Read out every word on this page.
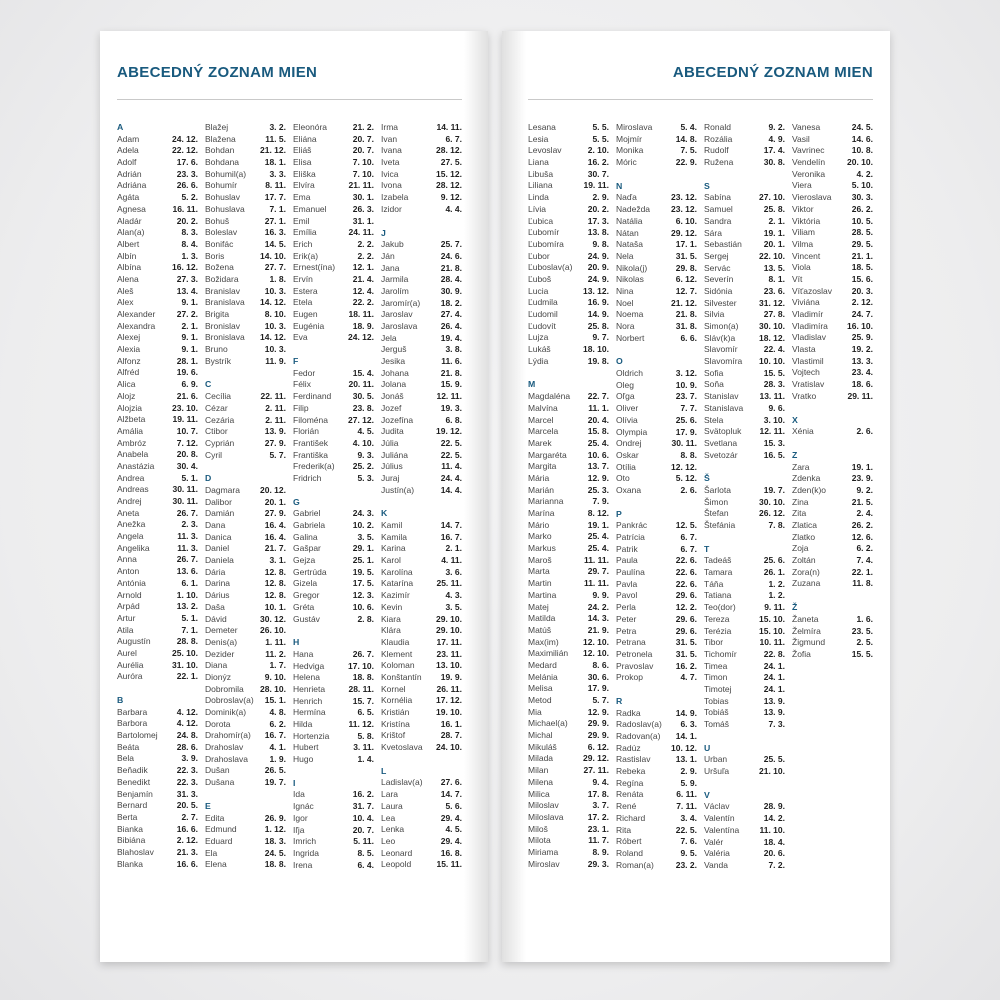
ABECEDNÝ ZOZNAM MIEN
A
Adam	24. 12.
Adela	22. 12.
Adolf	17. 6.
Adrián	23. 3.
Adriána	26. 6.
Agáta	5. 2.
Agnesa	16. 11.
Aladár	20. 2.
Alan(a)	8. 3.
Albert	8. 4.
Albín	1. 3.
Albína	16. 12.
Alena	27. 3.
Aleš	13. 4.
Alex	9. 1.
Alexander	27. 2.
Alexandra	2. 1.
Alexej	9. 1.
Alexia	9. 1.
Alfonz	28. 1.
Alfréd	19. 6.
Alica	6. 9.
Alojz	21. 6.
Alojzia	23. 10.
Alžbeta	19. 11.
Amália	10. 7.
Ambróz	7. 12.
Anabela	20. 8.
Anastázia	30. 4.
Andrea	5. 1.
Andreas	30. 11.
Andrej	30. 11.
Aneta	26. 7.
Anežka	2. 3.
Angela	11. 3.
Angelika	11. 3.
Anna	26. 7.
Anton	13. 6.
Antónia	6. 1.
Arnold	1. 10.
Arpád	13. 2.
Artur	5. 1.
Atila	7. 1.
Augustín	28. 8.
Aurel	25. 10.
Aurélia	31. 10.
Auróra	22. 1.
B
Barbara	4. 12.
Barbora	4. 12.
Bartolomej 24. 8.
Beáta	28. 6.
Bela	3. 9.
Beňadik	22. 3.
Benedikt	22. 3.
Benjamín	31. 3.
Bernard	20. 5.
Berta	2. 7.
Bianka	16. 6.
Bibiána	2. 12.
Blahoslav	21. 3.
Blanka	16. 6.
Blažej	3. 2.
Blažena	11. 5.
Bohdan	21. 12.
Bohdana	18. 1.
Bohumil(a)	3. 3.
Bohumír	8. 11.
Bohuslav	17. 7.
Bohuslava	7. 1.
Bohuš	27. 1.
Boleslav	16. 3.
Bonifác	14. 5.
Boris	14. 10.
Božena	27. 7.
Božidara	1. 8.
Branislav	10. 3.
Branislava 14. 12.
Brigita	8. 10.
Bronislav	10. 3.
Bronislava 14. 12.
Bruno	10. 3.
Bystrík	11. 9.
C
Cecília	22. 11.
Cézar	2. 11.
Cezária	2. 11.
Ctibor	13. 9.
Cyprián	27. 9.
Cyril	5. 7.
D
Dagmara 20. 12.
Dalibor	20. 1.
Damián	27. 9.
Dana	16. 4.
Danica	16. 4.
Daniel	21. 7.
Daniela	3. 1.
Dária	12. 8.
Darina	12. 8.
Dárius	12. 8.
Daša	10. 1.
Dávid	30. 12.
Demeter	26. 10.
Denis(a)	1. 11.
Dezider	11. 2.
Diana	1. 7.
Dionýz	9. 10.
Dobromila 28. 10.
Dobroslav(a) 15. 1.
Dominik(a)	4. 8.
Dorota	6. 2.
Drahomír(a) 16. 7.
Drahoslav	4. 1.
Drahoslava	1. 9.
Dušan	26. 5.
Dušana	19. 7.
E
Edita	26. 9.
Edmund	1. 12.
Eduard	18. 3.
Ela	24. 5.
Elena	18. 8.
Eleonóra	21. 2.
Eliána	20. 7.
Eliáš	20. 7.
Elisa	7. 10.
Eliška	7. 10.
Elvíra	21. 11.
Ema	30. 1.
Emanuel	26. 3.
Emil	31. 1.
Emília	24. 11.
Erich	2. 2.
Erik(a)	2. 2.
Ernest(ína) 12. 1.
Ervín	21. 4.
Estera	12. 4.
Etela	22. 2.
Eugen	18. 11.
Eugénia	18. 9.
Eva	24. 12.
F
Fedor	15. 4.
Félix	20. 11.
Ferdinand	30. 5.
Filip	23. 8.
Filoména 27. 12.
Florián	4. 5.
František	4. 10.
Františka	9. 3.
Frederik(a) 25. 2.
Fridrich	5. 3.
G
Gabriel	24. 3.
Gabriela	10. 2.
Galina	3. 5.
Gašpar	29. 1.
Gejza	25. 1.
Gertrúda	19. 5.
Gizela	17. 5.
Gregor	12. 3.
Gréta	10. 6.
Gustáv	2. 8.
H
Hana	26. 7.
Hedviga	17. 10.
Helena	18. 8.
Henrieta	28. 11.
Henrich	15. 7.
Hermína	6. 5.
Hilda	11. 12.
Hortenzia	5. 8.
Hubert	3. 11.
Hugo	1. 4.
I
Ida	16. 2.
Ignác	31. 7.
Igor	10. 4.
Iľja	20. 7.
Imrich	5. 11.
Ingrida	8. 5.
Irena	6. 4.
Irma	14. 11.
Ivan	6. 7.
Ivana	28. 12.
Iveta	27. 5.
Ivica	15. 12.
Ivona	28. 12.
Izabela	9. 12.
Izidor	4. 4.
J
Jakub	25. 7.
Ján	24. 6.
Jana	21. 8.
Jarmila	28. 4.
Jarolím	30. 9.
Jaromír(a) 18. 2.
Jaroslav	27. 4.
Jaroslava	26. 4.
Jela	19. 4.
Jerguš	3. 8.
Jesika	11. 6.
Johana	21. 8.
Jolana	15. 9.
Jonáš	12. 11.
Jozef	19. 3.
Jozefína	6. 8.
Judita	19. 12.
Júlia	22. 5.
Juliána	22. 5.
Július	11. 4.
Juraj	24. 4.
Justín(a)	14. 4.
K
Kamil	14. 7.
Kamila	16. 7.
Karina	2. 1.
Karol	4. 11.
Karolína	3. 6.
Katarína	25. 11.
Kazimír	4. 3.
Kevin	3. 5.
Kiara	29. 10.
Klára	29. 10.
Klaudia	17. 11.
Klement	23. 11.
Koloman	13. 10.
Konštantín 19. 9.
Kornel	26. 11.
Kornélia	17. 12.
Kristián	19. 10.
Kristína	16. 1.
Krištof	28. 7.
Kvetoslava 24. 10.
L
Ladislav(a) 27. 6.
Lara	14. 7.
Laura	5. 6.
Lea	29. 4.
Lenka	4. 5.
Leo	29. 4.
Leonard	16. 8.
Leopold	15. 11.
ABECEDNÝ ZOZNAM MIEN
Lesana	5. 5.
Lesia	5. 5.
Levoslav	2. 10.
Liana	16. 2.
Libuša	30. 7.
Liliana	19. 11.
Linda	2. 9.
Lívia	20. 2.
Ľubica	17. 3.
Ľubomír	13. 8.
Ľubomíra	9. 8.
Ľubor	24. 9.
Ľuboslav(a) 20. 9.
Ľuboš	24. 9.
Lucia	13. 12.
Ľudmila	16. 9.
Ľudomil	14. 9.
Ľudovít	25. 8.
Lujza	9. 7.
Lukáš	18. 10.
Lýdia	19. 8.
M
Magdaléna 22. 7.
Malvína	11. 1.
Marcel	20. 4.
Marcela	15. 8.
Marek	25. 4.
Margaréta 10. 6.
Margita	13. 7.
Mária	12. 9.
Marián	25. 3.
Marianna	7. 9.
Marína	8. 12.
Mário	19. 1.
Marko	25. 4.
Markus	25. 4.
Maroš	11. 11.
Marta	29. 7.
Martin	11. 11.
Martina	9. 9.
Matej	24. 2.
Matilda	14. 3.
Matúš	21. 9.
Max(im)	12. 10.
Maximilián 12. 10.
Medard	8. 6.
Melánia	30. 6.
Melisa	17. 9.
Metod	5. 7.
Mia	12. 9.
Michael(a) 29. 9.
Michal	29. 9.
Mikuláš	6. 12.
Milada	29. 12.
Milan	27. 11.
Milena	9. 4.
Milica	17. 8.
Miloslav	3. 7.
Miloslava	17. 2.
Miloš	23. 1.
Milota	11. 7.
Miriama	8. 9.
Miroslav	29. 3.
Miroslava	5. 4.
Mojmír	14. 8.
Monika	7. 5.
Móric	22. 9.
N
Naďa	23. 12.
Nadežda 23. 12.
Natália	6. 10.
Nátan	29. 12.
Nataša	17. 1.
Nela	31. 5.
Nikola(j)	29. 8.
Nikolas	6. 12.
Nina	12. 7.
Noel	21. 12.
Noema	21. 8.
Nora	31. 8.
Norbert	6. 6.
O
Oldrich	3. 12.
Oleg	10. 9.
Oľga	23. 7.
Oliver	7. 7.
Olívia	25. 6.
Olympia	17. 9.
Ondrej	30. 11.
Oskar	8. 8.
Otília	12. 12.
Oto	5. 12.
Oxana	2. 6.
P
Pankrác	12. 5.
Patrícia	6. 7.
Patrik	6. 7.
Paula	22. 6.
Paulína	22. 6.
Pavla	22. 6.
Pavol	29. 6.
Perla	12. 2.
Peter	29. 6.
Petra	29. 6.
Petrana	31. 5.
Petronela	31. 5.
Pravoslav	16. 2.
Prokop	4. 7.
R
Radka	14. 9.
Radoslav(a) 6. 3.
Radovan(a) 14. 1.
Radúz	10. 12.
Rastislav	13. 1.
Rebeka	2. 9.
Regína	5. 9.
Renáta	6. 11.
René	7. 11.
Richard	3. 4.
Rita	22. 5.
Róbert	7. 6.
Roland	9. 5.
Roman(a)	23. 2.
Ronald	9. 2.
Rozália	4. 9.
Rudolf	17. 4.
Ružena	30. 8.
S
Sabína	27. 10.
Samuel	25. 8.
Sandra	2. 1.
Sára	19. 1.
Sebastián	20. 1.
Sergej	22. 10.
Servác	13. 5.
Severín	8. 1.
Sidónia	23. 6.
Silvester	31. 12.
Silvia	27. 8.
Simon(a) 30. 10.
Sláv(k)a	18. 12.
Slavomír	22. 4.
Slavomíra 10. 10.
Sofia	15. 5.
Soňa	28. 3.
Stanislav 13. 11.
Stanislava	9. 6.
Stela	3. 10.
Svätopluk 12. 11.
Svetlana	15. 3.
Svetozár	16. 5.
Š
Šarlota	19. 7.
Šimon	30. 10.
Štefan	26. 12.
Štefánia	7. 8.
T
Tadeáš	25. 6.
Tamara	26. 1.
Táňa	1. 2.
Tatiana	1. 2.
Teo(dor)	9. 11.
Tereza	15. 10.
Terézia	15. 10.
Tibor	10. 11.
Tichomír	22. 8.
Timea	24. 1.
Timon	24. 1.
Timotej	24. 1.
Tobias	13. 9.
Tobiáš	13. 9.
Tomáš	7. 3.
U
Urban	25. 5.
Uršuľa	21. 10.
V
Václav	28. 9.
Valentín	14. 2.
Valentína 11. 10.
Valér	18. 4.
Valéria	20. 6.
Vanda	7. 2.
Vanesa	24. 5.
Vasil	14. 6.
Vavrinec	10. 8.
Vendelín	20. 10.
Veronika	4. 2.
Viera	5. 10.
Vieroslava 30. 3.
Viktor	26. 2.
Viktória	10. 5.
Viliam	28. 5.
Vilma	29. 5.
Vincent	21. 1.
Viola	18. 5.
Vít	15. 6.
Víťazoslav 20. 3.
Viviána	2. 12.
Vladimír	24. 7.
Vladimíra 16. 10.
Vladislav	25. 9.
Vlasta	19. 2.
Vlastimil	13. 3.
Vojtech	23. 4.
Vratislav	18. 6.
Vratko	29. 11.
X
Xénia	2. 6.
Z
Zara	19. 1.
Zdenka	23. 9.
Zden(k)o	9. 2.
Zina	21. 5.
Zita	2. 4.
Zlatica	26. 2.
Zlatko	12. 6.
Zoja	6. 2.
Zoltán	7. 4.
Zora(n)	22. 1.
Zuzana	11. 8.
Ž
Žaneta	1. 6.
Želmíra	23. 5.
Žigmund	2. 5.
Žofia	15. 5.
